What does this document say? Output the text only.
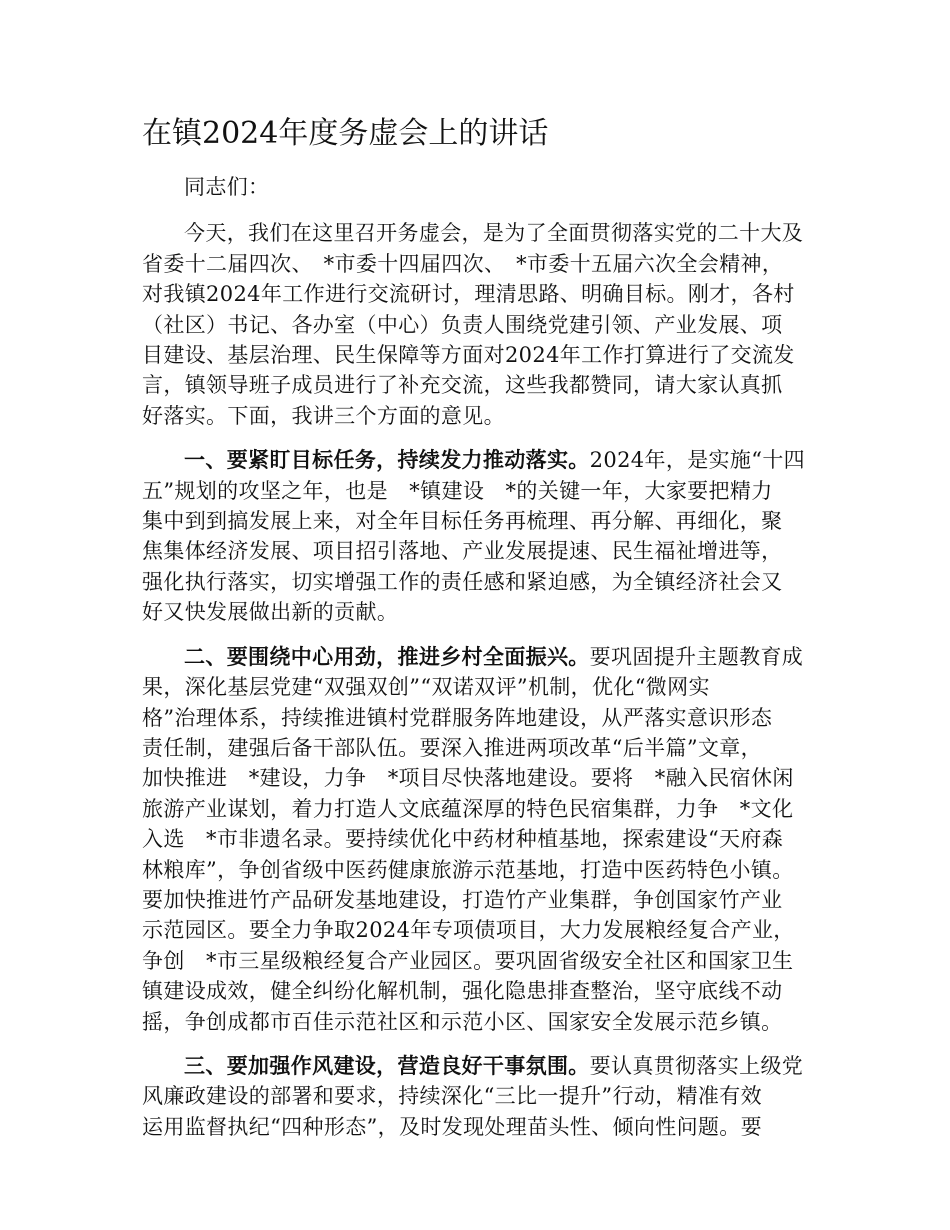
在镇2024年度务虚会上的讲话

同志们：

今天，我们在这里召开务虚会，是为了全面贯彻落实党的二十大及
省委十二届四次、　*市委十四届四次、　*市委十五届六次全会精神，
对我镇2024年工作进行交流研讨，理清思路、明确目标。刚才，各村
（社区）书记、各办室（中心）负责人围绕党建引领、产业发展、项
目建设、基层治理、民生保障等方面对2024年工作打算进行了交流发
言，镇领导班子成员进行了补充交流，这些我都赞同，请大家认真抓
好落实。下面，我讲三个方面的意见。

一、要紧盯目标任务，持续发力推动落实。2024年，是实施“十四
五”规划的攻坚之年，也是　*镇建设　*的关键一年，大家要把精力
集中到到搞发展上来，对全年目标任务再梳理、再分解、再细化，聚
焦集体经济发展、项目招引落地、产业发展提速、民生福祉增进等，
强化执行落实，切实增强工作的责任感和紧迫感，为全镇经济社会又
好又快发展做出新的贡献。

二、要围绕中心用劲，推进乡村全面振兴。要巩固提升主题教育成
果，深化基层党建“双强双创”“双诺双评”机制，优化“微网实
格”治理体系，持续推进镇村党群服务阵地建设，从严落实意识形态
责任制，建强后备干部队伍。要深入推进两项改革“后半篇”文章，
加快推进　*建设，力争　*项目尽快落地建设。要将　*融入民宿休闲
旅游产业谋划，着力打造人文底蕴深厚的特色民宿集群，力争　*文化
入选　*市非遗名录。要持续优化中药材种植基地，探索建设“天府森
林粮库”，争创省级中医药健康旅游示范基地，打造中医药特色小镇。
要加快推进竹产品研发基地建设，打造竹产业集群，争创国家竹产业
示范园区。要全力争取2024年专项债项目，大力发展粮经复合产业，
争创　*市三星级粮经复合产业园区。要巩固省级安全社区和国家卫生
镇建设成效，健全纠纷化解机制，强化隐患排查整治，坚守底线不动
摇，争创成都市百佳示范社区和示范小区、国家安全发展示范乡镇。

三、要加强作风建设，营造良好干事氛围。要认真贯彻落实上级党
风廉政建设的部署和要求，持续深化“三比一提升”行动，精准有效
运用监督执纪“四种形态”，及时发现处理苗头性、倾向性问题。要
